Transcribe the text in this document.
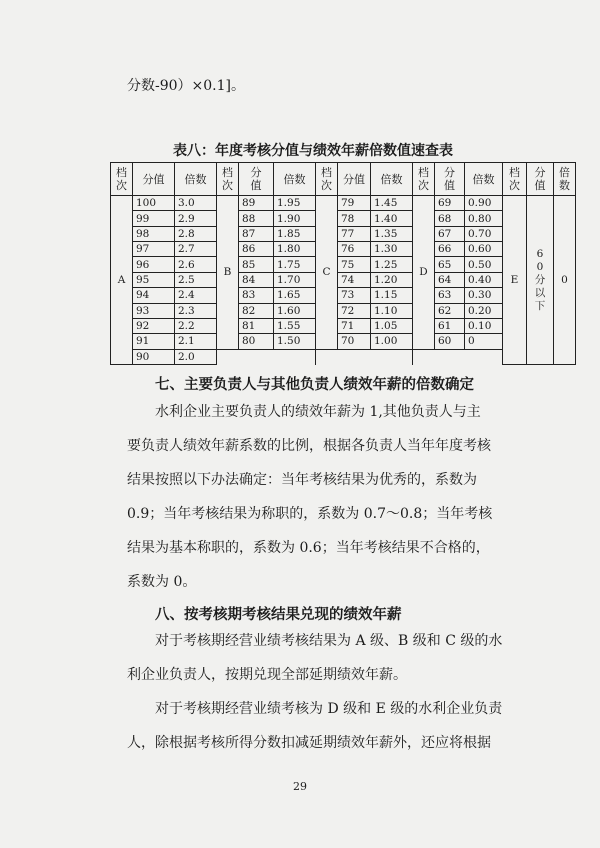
分数-90）×0.1]。
表八：年度考核分值与绩效年薪倍数值速查表
档次	分值	倍数	档次	分值	倍数	档次	分值	倍数	档次	分值	倍数	档次	分值	倍数
A	100	3.0	B	89	1.95	C	79	1.45	D	69	0.90	E	60分以下	0
	99	2.9		88	1.90		78	1.40		68	0.80			
	98	2.8		87	1.85		77	1.35		67	0.70			
	97	2.7		86	1.80		76	1.30		66	0.60			
	96	2.6		85	1.75		75	1.25		65	0.50			
	95	2.5		84	1.70		74	1.20		64	0.40			
	94	2.4		83	1.65		73	1.15		63	0.30			
	93	2.3		82	1.60		72	1.10		62	0.20			
	92	2.2		81	1.55		71	1.05		61	0.10			
	91	2.1		80	1.50		70	1.00		60	0			
	90	2.0												
七、主要负责人与其他负责人绩效年薪的倍数确定
水利企业主要负责人的绩效年薪为 1,其他负责人与主
要负责人绩效年薪系数的比例，根据各负责人当年年度考核
结果按照以下办法确定：当年考核结果为优秀的，系数为
0.9；当年考核结果为称职的，系数为 0.7～0.8；当年考核
结果为基本称职的，系数为 0.6；当年考核结果不合格的，
系数为 0。
八、按考核期考核结果兑现的绩效年薪
对于考核期经营业绩考核结果为 A 级、B 级和 C 级的水
利企业负责人，按期兑现全部延期绩效年薪。
对于考核期经营业绩考核为 D 级和 E 级的水利企业负责
人，除根据考核所得分数扣减延期绩效年薪外，还应将根据
29
